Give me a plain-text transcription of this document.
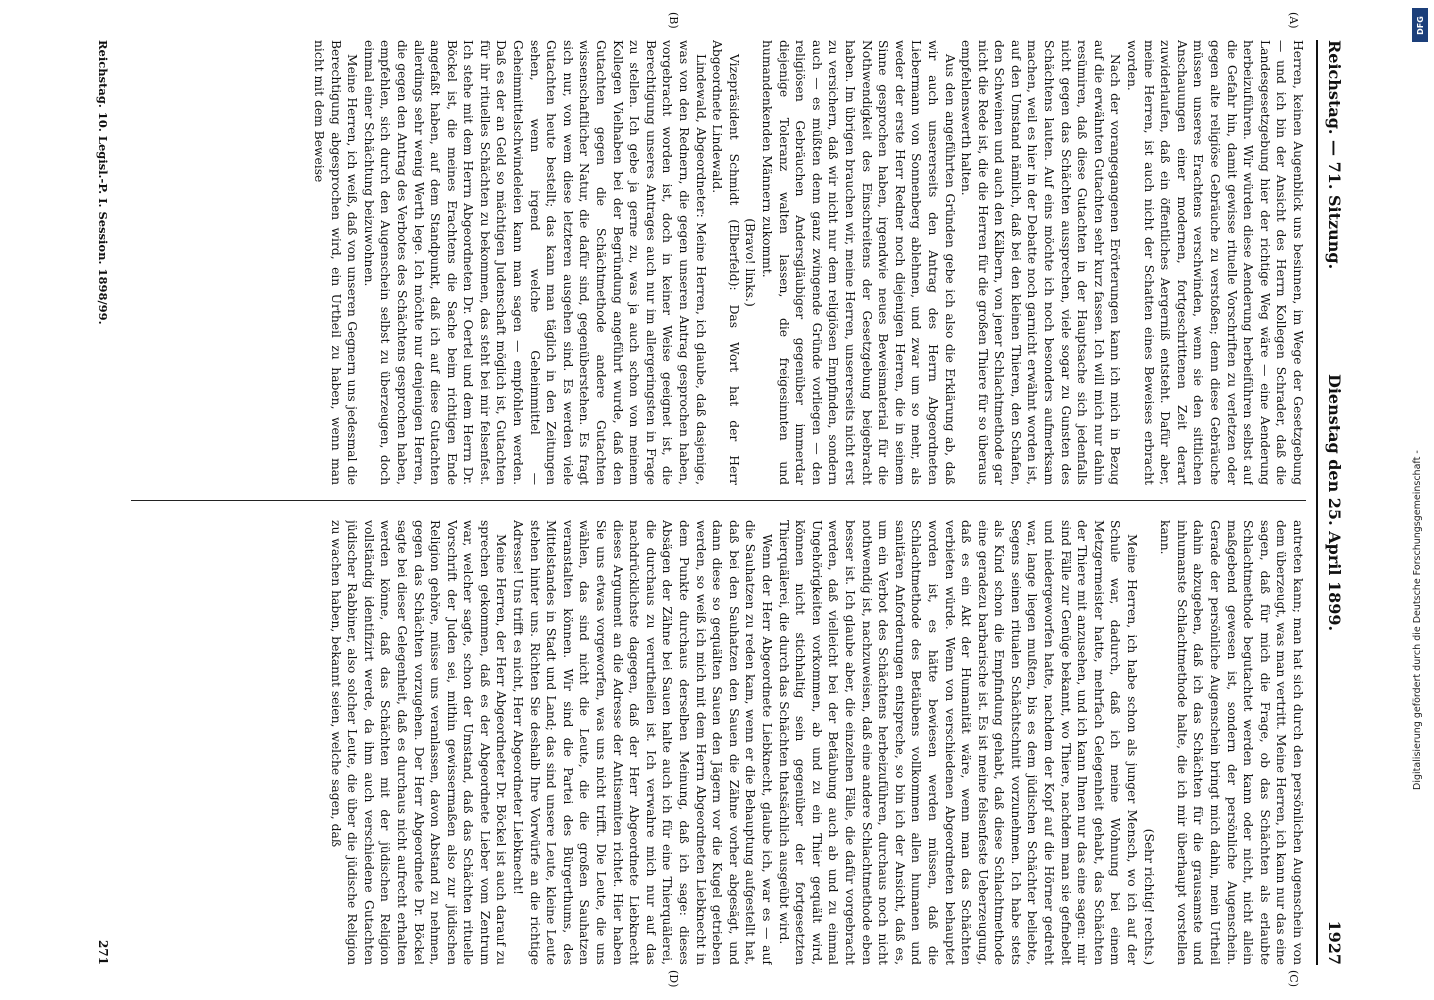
Reichstag. — 71. Sitzung.
Dienstag den 25. April 1899.
1927

Herren, keinen Augenblick uns besinnen, im Wege der Gesetzgebung — und ich bin der Ansicht des Herrn Kollegen Schrader, daß die Landesgesetzgebung hier der richtige Weg wäre — eine Aenderung herbeizuführen. Wir würden diese Aenderung herbeiführen selbst auf die Gefahr hin, damit gewisse rituelle Vorschriften zu verletzen oder gegen alte religiöse Gebräuche zu verstoßen; denn diese Gebräuche müssen unseres Erachtens verschwinden, wenn sie den sittlichen Anschauungen einer modernen, fortgeschrittenen Zeit derart zuwiderlaufen, daß ein öffentliches Aergerniß entsteht. Dafür aber, meine Herren, ist auch nicht der Schatten eines Beweises erbracht worden.

Nach der vorangegangenen Erörterungen kann ich mich in Bezug auf die erwähnten Gutachten sehr kurz fassen. Ich will mich nur dahin resümiren, daß diese Gutachten in der Hauptsache sich jedenfalls nicht gegen das Schächten aussprechen, viele sogar zu Gunsten des Schächtens lauten. Auf eins möchte ich noch besonders aufmerksam machen, weil es hier in der Debatte noch garnicht erwähnt worden ist, auf den Umstand nämlich, daß bei den kleinen Thieren, den Schafen, den Schweinen und auch den Kälbern, von jener Schlachtmethode gar nicht die Rede ist, die die Herren für die großen Thiere für so überaus empfehlenswerth halten.

Aus den angeführten Gründen gebe ich also die Erklärung ab, daß wir auch unsererseits den Antrag des Herrn Abgeordneten Liebermann von Sonnenberg ablehnen, und zwar um so mehr, als weder der erste Herr Redner noch diejenigen Herren, die in seinem Sinne gesprochen haben, irgendwie neues Beweismaterial für die Nothwendigkeit des Einschreitens der Gesetzgebung beigebracht haben. Im übrigen brauchen wir, meine Herren, unsererseits nicht erst zu versichern, daß wir nicht nur dem religiösen Empfinden, sondern auch — es müßten denn ganz zwingende Gründe vorliegen — den religiösen Gebräuchen Andersgläubiger gegenüber immerdar diejenige Toleranz walten lassen, die freigesinnten und humandenkenden Männern zukommt.

(Bravo! links.)

Vizepräsident Schmidt (Elberfeld): Das Wort hat der Herr Abgeordnete Lindewald.

Lindewald, Abgeordneter: Meine Herren, ich glaube, daß dasjenige, was von den Rednern, die gegen unseren Antrag gesprochen haben, vorgebracht worden ist, doch in keiner Weise geeignet ist, die Berechtigung unseres Antrages auch nur im allergeringsten in Frage zu stellen. Ich gebe ja gerne zu, was ja auch schon von meinem Kollegen Vielhaben bei der Begründung angeführt wurde, daß den Gutachten gegen die Schächtmethode andere Gutachten wissenschaftlicher Natur, die dafür sind, gegenüberstehen. Es fragt sich nur, von wem diese letzteren ausgehen sind. Es werden viele Gutachten heute bestellt; das kann man täglich in den Zeitungen sehen, wenn irgend welche Geheimmittel — Geheimmittelschwindeleien kann man sagen — empfohlen werden. Daß es der an Geld so mächtigen Judenschaft möglich ist, Gutachten für ihr rituelles Schächten zu bekommen, das steht bei mir felsenfest. Ich stehe mit dem Herrn Abgeordneten Dr. Oertel und dem Herrn Dr. Böckel ist, die meines Erachtens die Sache beim richtigen Ende angefaßt haben, auf dem Standpunkt, daß ich auf diese Gutachten allerdings sehr wenig Werth lege. Ich möchte nur denjenigen Herren, die gegen den Antrag des Verbotes des Schächtens gesprochen haben, empfehlen, sich durch den Augenschein selbst zu überzeugen, doch einmal einer Schächtung beizuwohnen.

Meine Herren, ich weiß, daß von unseren Gegnern uns jedesmal die Berechtigung abgesprochen wird, ein Urtheil zu haben, wenn man nicht mit dem Beweise

antreten kann; man hat sich durch den persönlichen Augenschein von dem überzeugt, was man vertritt. Meine Herren, ich kann nur das eine sagen, daß für mich die Frage, ob das Schächten als erlaubte Schlachtmethode begutachtet werden kann oder nicht, nicht allein maßgebend gewesen ist, sondern der persönliche Augenschein. Gerade der persönliche Augenschein bringt mich dahin, mein Urtheil dahin abzugeben, daß ich das Schächten für die grausamste und inhumanste Schlachtmethode halte, die ich mir überhaupt vorstellen kann.

(Sehr richtig! rechts.)

Meine Herren, ich habe schon als junger Mensch, wo ich auf der Schule war, dadurch, daß ich meine Wohnung bei einem Metzgermeister hatte, mehrfach Gelegenheit gehabt, das Schächten der Thiere mit anzusehen, und ich kann Ihnen nur das eine sagen: mir sind Fälle zur Genüge bekannt, wo Thiere, nachdem man sie gefnebelt und niedergeworfen hatte, nachdem der Kopf auf die Hörner gedreht war, lange liegen mußten, bis es dem jüdischen Schächter beliebte, Segens seinen ritualen Schächtschnitt vorzunehmen. Ich habe stets als Kind schon die Empfindung gehabt, daß diese Schlachtmethode eine geradezu barbarische ist. Es ist meine felsenfeste Ueberzeugung, daß es ein Akt der Humanität wäre, wenn man das Schächten verbieten würde. Wenn von verschiedenen Abgeordneten behauptet worden ist, es hätte bewiesen werden müssen, daß die Schlachtmethode des Betäubens vollkommen allen humanen und sanitären Anforderungen entspreche, so bin ich der Ansicht, daß es, um ein Verbot des Schächtens herbeizuführen, durchaus noch nicht nothwendig ist, nachzuweisen, daß eine andere Schlachtmethode eben besser ist. Ich glaube aber, die einzelnen Fälle, die dafür vorgebracht werden, daß vielleicht bei der Betäubung auch ab und zu einmal Ungehörigkeiten vorkommen, ab und zu ein Thier gequält wird, können nicht stichhaltig sein gegenüber der fortgesetzten Thierquälerei, die durch das Schächten thatsächlich ausgeübt wird.

Wenn der Herr Abgeordnete Liebknecht, glaube ich, war es — auf die Sauhatzen zu reden kam, wenn er die Behauptung aufgestellt hat, daß bei den Sauhatzen den Sauen die Zähne vorher abgesägt, und dann diese so gequälten Sauen den Jägern vor die Kugel getrieben werden, so weiß ich mich mit dem Herrn Abgeordneten Liebknecht in dem Punkte durchaus derselben Meinung, daß ich sage: dieses Absägen der Zähne bei Sauen halte auch ich für eine Thierquälerei, die durchaus zu verurtheilen ist. Ich verwahre mich nur auf das nachdrücklichste dagegen, daß der Herr Abgeordnete Liebknecht dieses Argument an die Adresse der Antisemiten richtet. Hier haben Sie uns etwas vorgeworfen, was uns nicht trifft. Die Leute, die uns wählen, das sind nicht die Leute, die die großen Sauhatzen veranstalten können. Wir sind die Partei des Bürgerthums, des Mittelstandes in Stadt und Land; das sind unsere Leute, kleine Leute stehen hinter uns. Richten Sie deshalb Ihre Vorwürfe an die richtige Adresse! Uns trifft es nicht, Herr Abgeordneter Liebknecht!

Meine Herren, der Herr Abgeordneter Dr. Böckel ist auch darauf zu sprechen gekommen, daß es der Abgeordnete Lieber vom Zentrum war, welcher sagte, schon der Umstand, daß das Schächten rituelle Vorschrift der Juden sei, mithin gewissermaßen also zur jüdischen Religion gehöre, müsse uns veranlassen, davon Abstand zu nehmen, gegen das Schächten vorzugehen. Der Herr Abgeordnete Dr. Böckel sagte bei dieser Gelegenheit, daß es durchaus nicht aufrecht erhalten werden könne, daß das Schächten mit der jüdischen Religion vollständig identifizirt werde, da ihm auch verschiedene Gutachten jüdischer Rabbiner, also solcher Leute, die über die jüdische Religion zu wachen haben, bekannt seien, welche sagen, daß

(A)
(B)
(C)
(D)
Reichstag. 10. Legisl.-P. I. Session. 1898/99.
271
DFG
Digitalisierung gefördert durch die Deutsche Forschungsgemeinschaft -
